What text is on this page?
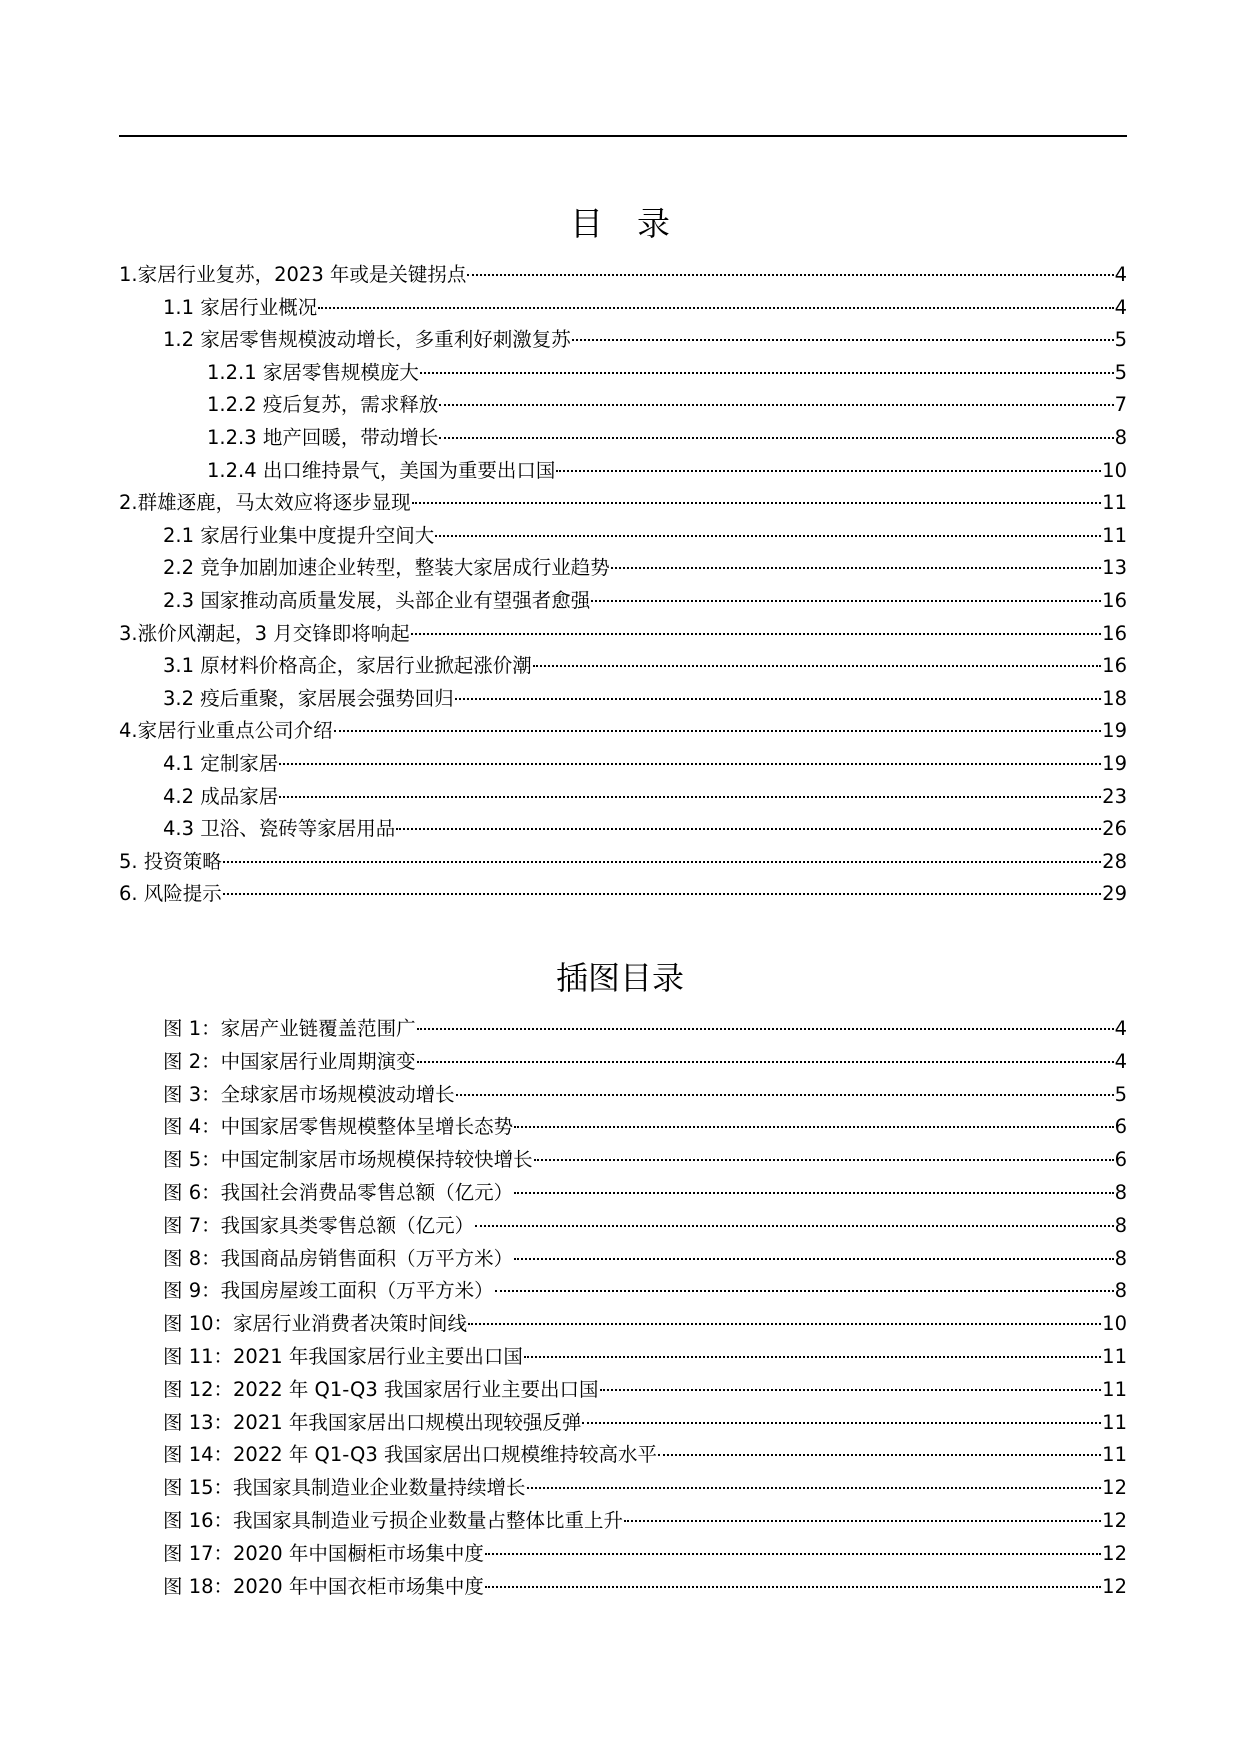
目 录
1.家居行业复苏，2023 年或是关键拐点	4
1.1 家居行业概况	4
1.2 家居零售规模波动增长，多重利好刺激复苏	5
1.2.1 家居零售规模庞大	5
1.2.2 疫后复苏，需求释放	7
1.2.3 地产回暖，带动增长	8
1.2.4 出口维持景气，美国为重要出口国	10
2.群雄逐鹿，马太效应将逐步显现	11
2.1 家居行业集中度提升空间大	11
2.2 竞争加剧加速企业转型，整装大家居成行业趋势	13
2.3 国家推动高质量发展，头部企业有望强者愈强	16
3.涨价风潮起，3 月交锋即将响起	16
3.1 原材料价格高企，家居行业掀起涨价潮	16
3.2 疫后重聚，家居展会强势回归	18
4.家居行业重点公司介绍	19
4.1 定制家居	19
4.2 成品家居	23
4.3 卫浴、瓷砖等家居用品	26
5. 投资策略	28
6. 风险提示	29
插图目录
图 1：家居产业链覆盖范围广	4
图 2：中国家居行业周期演变	4
图 3：全球家居市场规模波动增长	5
图 4：中国家居零售规模整体呈增长态势	6
图 5：中国定制家居市场规模保持较快增长	6
图 6：我国社会消费品零售总额（亿元）	8
图 7：我国家具类零售总额（亿元）	8
图 8：我国商品房销售面积（万平方米）	8
图 9：我国房屋竣工面积（万平方米）	8
图 10：家居行业消费者决策时间线	10
图 11：2021 年我国家居行业主要出口国	11
图 12：2022 年 Q1-Q3 我国家居行业主要出口国	11
图 13：2021 年我国家居出口规模出现较强反弹	11
图 14：2022 年 Q1-Q3 我国家居出口规模维持较高水平	11
图 15：我国家具制造业企业数量持续增长	12
图 16：我国家具制造业亏损企业数量占整体比重上升	12
图 17：2020 年中国橱柜市场集中度	12
图 18：2020 年中国衣柜市场集中度	12
